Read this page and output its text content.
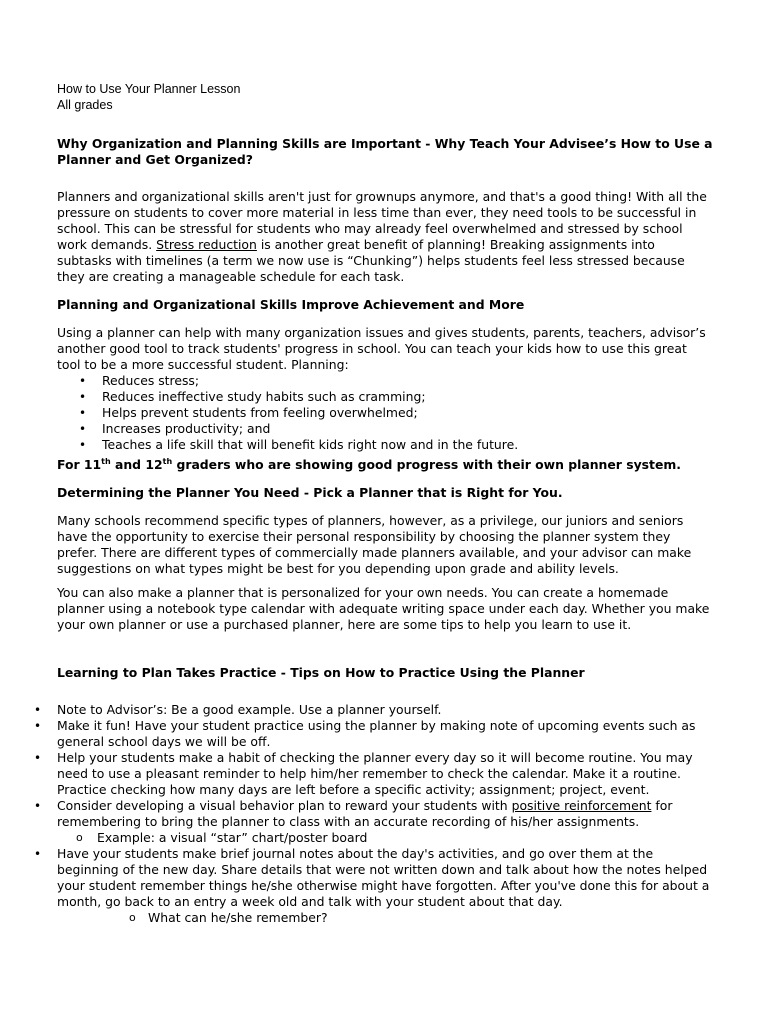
How to Use Your Planner Lesson
All grades
Why Organization and Planning Skills are Important - Why Teach Your Advisee’s How to Use a
Planner and Get Organized?
Planners and organizational skills aren't just for grownups anymore, and that's a good thing! With all the
pressure on students to cover more material in less time than ever, they need tools to be successful in
school. This can be stressful for students who may already feel overwhelmed and stressed by school
work demands. Stress reduction is another great benefit of planning! Breaking assignments into
subtasks with timelines (a term we now use is “Chunking”) helps students feel less stressed because
they are creating a manageable schedule for each task.
Planning and Organizational Skills Improve Achievement and More
Using a planner can help with many organization issues and gives students, parents, teachers, advisor’s
another good tool to track students' progress in school. You can teach your kids how to use this great
tool to be a more successful student. Planning:
• Reduces stress;
• Reduces ineffective study habits such as cramming;
• Helps prevent students from feeling overwhelmed;
• Increases productivity; and
• Teaches a life skill that will benefit kids right now and in the future.
For 11th and 12th graders who are showing good progress with their own planner system.
Determining the Planner You Need - Pick a Planner that is Right for You.
Many schools recommend specific types of planners, however, as a privilege, our juniors and seniors
have the opportunity to exercise their personal responsibility by choosing the planner system they
prefer. There are different types of commercially made planners available, and your advisor can make
suggestions on what types might be best for you depending upon grade and ability levels.
You can also make a planner that is personalized for your own needs. You can create a homemade
planner using a notebook type calendar with adequate writing space under each day. Whether you make
your own planner or use a purchased planner, here are some tips to help you learn to use it.
Learning to Plan Takes Practice - Tips on How to Practice Using the Planner
• Note to Advisor’s: Be a good example. Use a planner yourself.
• Make it fun! Have your student practice using the planner by making note of upcoming events such as
general school days we will be off.
• Help your students make a habit of checking the planner every day so it will become routine. You may
need to use a pleasant reminder to help him/her remember to check the calendar. Make it a routine.
Practice checking how many days are left before a specific activity; assignment; project, event.
• Consider developing a visual behavior plan to reward your students with positive reinforcement for
remembering to bring the planner to class with an accurate recording of his/her assignments.
o Example: a visual “star” chart/poster board
• Have your students make brief journal notes about the day's activities, and go over them at the
beginning of the new day. Share details that were not written down and talk about how the notes helped
your student remember things he/she otherwise might have forgotten. After you've done this for about a
month, go back to an entry a week old and talk with your student about that day.
o What can he/she remember?
